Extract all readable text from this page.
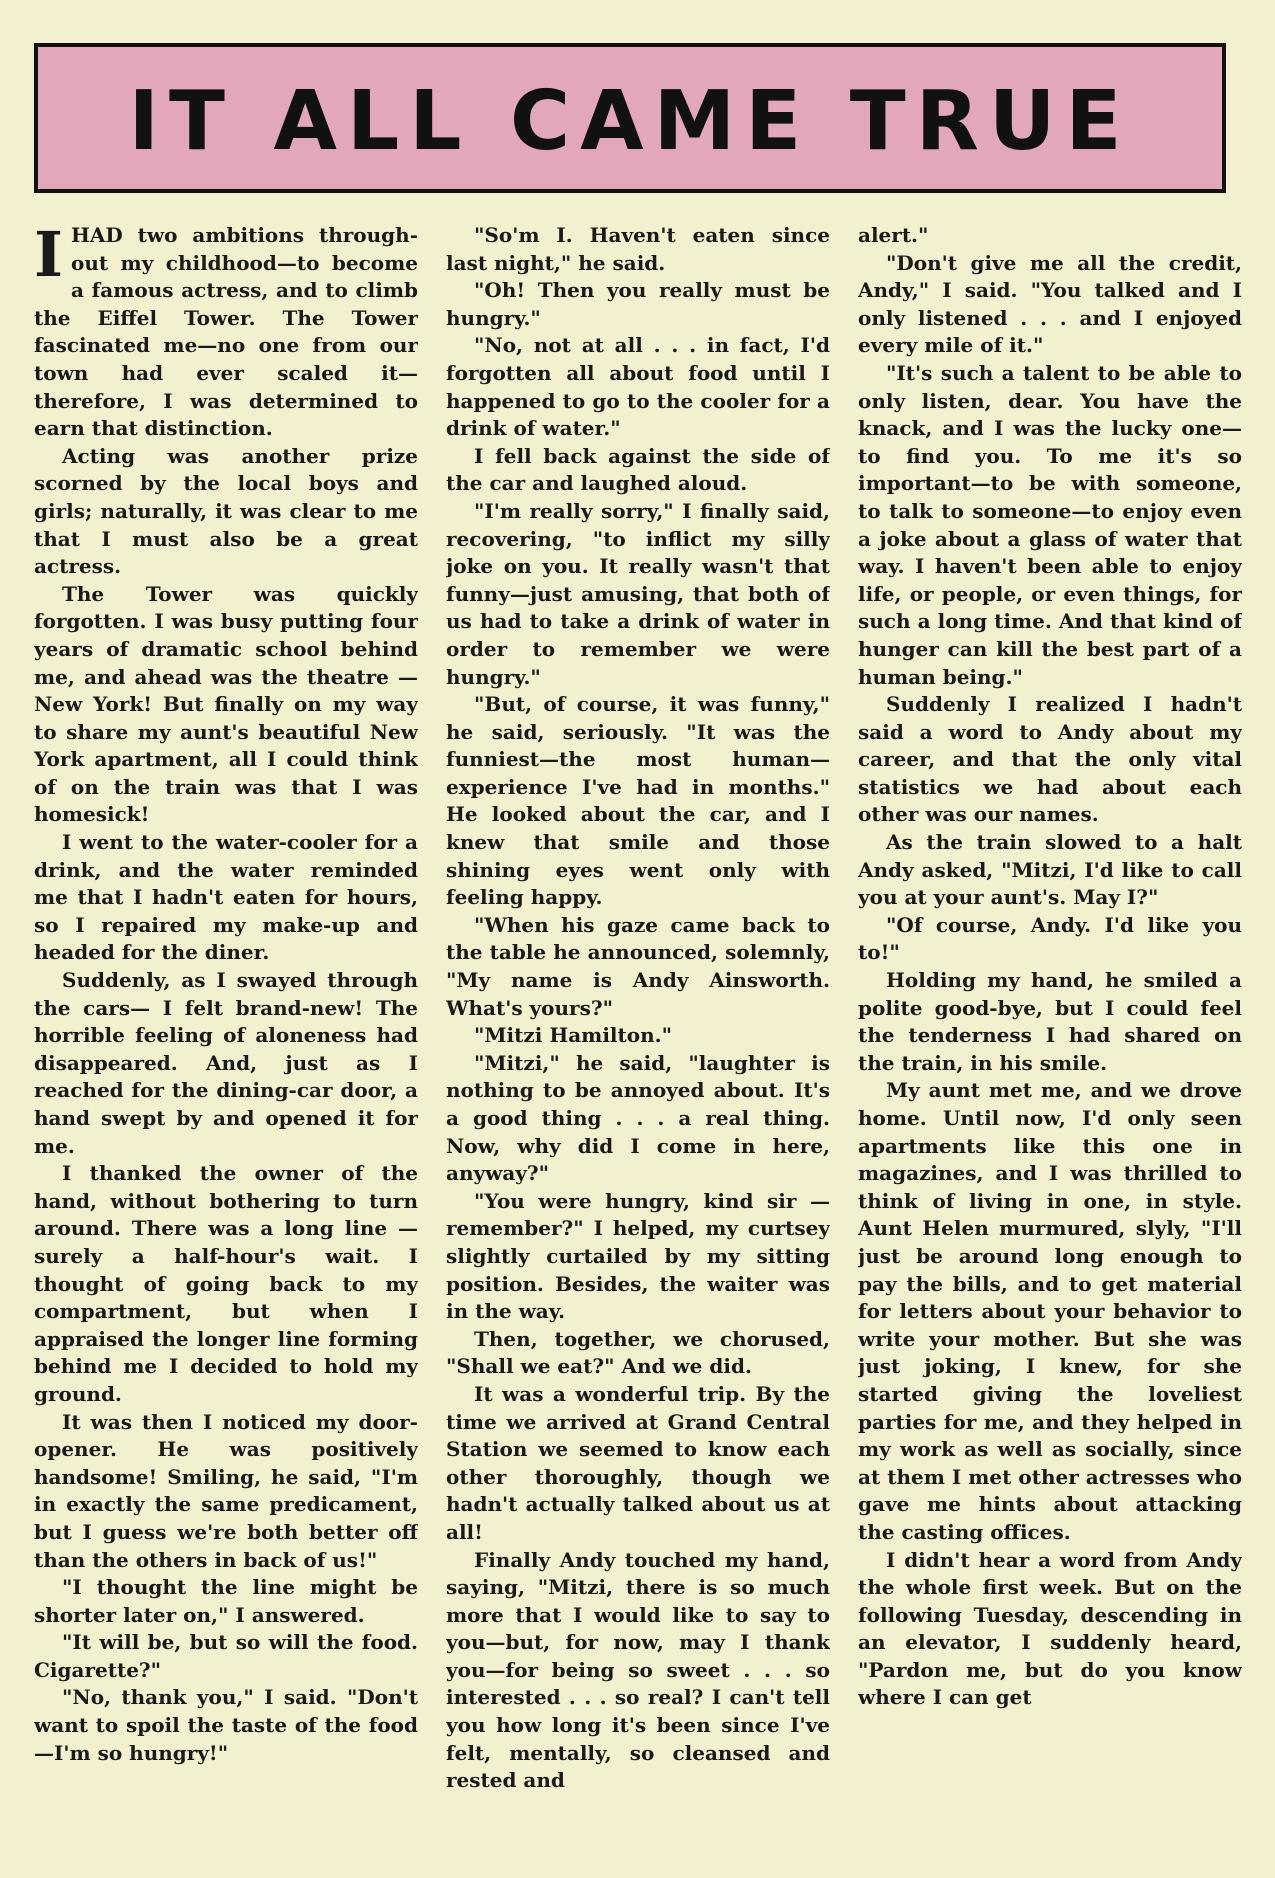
IT ALL CAME TRUE

IHAD two ambitions through-out my childhood—to become a famous actress, and to climb the Eiffel Tower. The Tower fascinated me—no one from our town had ever scaled it—therefore, I was determined to earn that distinction.

Acting was another prize scorned by the local boys and girls; naturally, it was clear to me that I must also be a great actress.

The Tower was quickly forgotten. I was busy putting four years of dramatic school behind me, and ahead was the theatre —New York! But finally on my way to share my aunt's beautiful New York apartment, all I could think of on the train was that I was homesick!

I went to the water-cooler for a drink, and the water reminded me that I hadn't eaten for hours, so I repaired my make-up and headed for the diner.

Suddenly, as I swayed through the cars— I felt brand-new! The horrible feeling of aloneness had disappeared. And, just as I reached for the dining-car door, a hand swept by and opened it for me.

I thanked the owner of the hand, without bothering to turn around. There was a long line —surely a half-hour's wait. I thought of going back to my compartment, but when I appraised the longer line forming behind me I decided to hold my ground.

It was then I noticed my door-opener. He was positively handsome! Smiling, he said, "I'm in exactly the same predicament, but I guess we're both better off than the others in back of us!"

"I thought the line might be shorter later on," I answered.

"It will be, but so will the food. Cigarette?"

"No, thank you," I said. "Don't want to spoil the taste of the food—I'm so hungry!"

"So'm I. Haven't eaten since last night," he said.

"Oh! Then you really must be hungry."

"No, not at all . . . in fact, I'd forgotten all about food until I happened to go to the cooler for a drink of water."

I fell back against the side of the car and laughed aloud.

"I'm really sorry," I finally said, recovering, "to inflict my silly joke on you. It really wasn't that funny—just amusing, that both of us had to take a drink of water in order to remember we were hungry."

"But, of course, it was funny," he said, seriously. "It was the funniest—the most human—experience I've had in months." He looked about the car, and I knew that smile and those shining eyes went only with feeling happy.

"When his gaze came back to the table he announced, solemnly, "My name is Andy Ainsworth. What's yours?"

"Mitzi Hamilton."

"Mitzi," he said, "laughter is nothing to be annoyed about. It's a good thing . . . a real thing. Now, why did I come in here, anyway?"

"You were hungry, kind sir —remember?" I helped, my curtsey slightly curtailed by my sitting position. Besides, the waiter was in the way.

Then, together, we chorused, "Shall we eat?" And we did.

It was a wonderful trip. By the time we arrived at Grand Central Station we seemed to know each other thoroughly, though we hadn't actually talked about us at all!

Finally Andy touched my hand, saying, "Mitzi, there is so much more that I would like to say to you—but, for now, may I thank you—for being so sweet . . . so interested . . . so real? I can't tell you how long it's been since I've felt, mentally, so cleansed and rested and

alert."

"Don't give me all the credit, Andy," I said. "You talked and I only listened . . . and I enjoyed every mile of it."

"It's such a talent to be able to only listen, dear. You have the knack, and I was the lucky one—to find you. To me it's so important—to be with someone, to talk to someone—to enjoy even a joke about a glass of water that way. I haven't been able to enjoy life, or people, or even things, for such a long time. And that kind of hunger can kill the best part of a human being."

Suddenly I realized I hadn't said a word to Andy about my career, and that the only vital statistics we had about each other was our names.

As the train slowed to a halt Andy asked, "Mitzi, I'd like to call you at your aunt's. May I?"

"Of course, Andy. I'd like you to!"

Holding my hand, he smiled a polite good-bye, but I could feel the tenderness I had shared on the train, in his smile.

My aunt met me, and we drove home. Until now, I'd only seen apartments like this one in magazines, and I was thrilled to think of living in one, in style. Aunt Helen murmured, slyly, "I'll just be around long enough to pay the bills, and to get material for letters about your behavior to write your mother. But she was just joking, I knew, for she started giving the loveliest parties for me, and they helped in my work as well as socially, since at them I met other actresses who gave me hints about attacking the casting offices.

I didn't hear a word from Andy the whole first week. But on the following Tuesday, descending in an elevator, I suddenly heard, "Pardon me, but do you know where I can get
